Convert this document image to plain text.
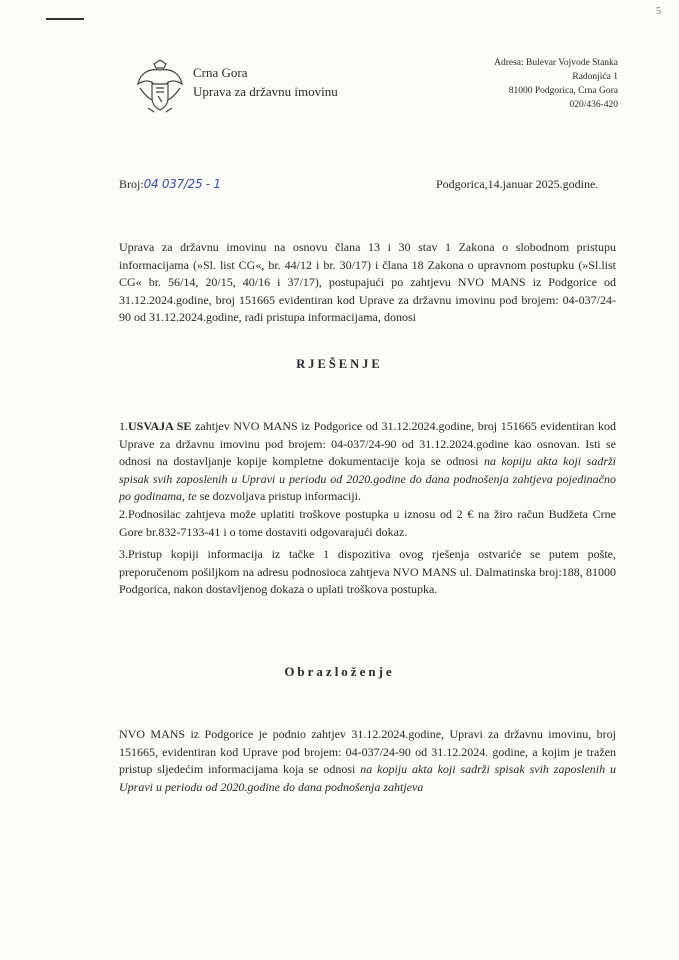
5
Crna Gora
Uprava za državnu imovinu
Adresa: Bulevar Vojvode Stanka
Radonjića 1
81000 Podgorica, Crna Gora
020/436-420
Broj:04 037/25 - 1	Podgorica,14.januar 2025.godine.

Uprava za državnu imovinu na osnovu člana 13 i 30 stav 1 Zakona o slobodnom pristupu informacijama (»Sl. list CG«, br. 44/12 i br. 30/17) i člana 18 Zakona o upravnom postupku (»Sl.list CG« br. 56/14, 20/15, 40/16 i 37/17), postupajući po zahtjevu NVO MANS iz Podgorice od 31.12.2024.godine, broj 151665 evidentiran kod Uprave za državnu imovinu pod brojem: 04-037/24-90 od 31.12.2024.godine, radi pristupa informacijama, donosi

RJEŠENJE

1.USVAJA SE zahtjev NVO MANS iz Podgorice od 31.12.2024.godine, broj 151665 evidentiran kod Uprave za državnu imovinu pod brojem: 04-037/24-90 od 31.12.2024.godine kao osnovan. Isti se odnosi na dostavljanje kopije kompletne dokumentacije koja se odnosi na kopiju akta koji sadrži spisak svih zaposlenih u Upravi u periodu od 2020.godine do dana podnošenja zahtjeva pojedinačno po godinama, te se dozvoljava pristup informaciji.

2.Podnosilac zahtjeva može uplatiti troškove postupka u iznosu od 2 € na žiro račun Budžeta Crne Gore br.832-7133-41 i o tome dostaviti odgovarajući dokaz.

3.Pristup kopiji informacija iz tačke 1 dispozitiva ovog rješenja ostvariće se putem pošte, preporučenom pošiljkom na adresu podnosioca zahtjeva NVO MANS ul. Dalmatinska broj:188, 81000 Podgorica, nakon dostavljenog dokaza o uplati troškova postupka.

Obrazloženje

NVO MANS iz Podgorice je podnio zahtjev 31.12.2024.godine, Upravi za državnu imovinu, broj 151665, evidentiran kod Uprave pod brojem: 04-037/24-90 od 31.12.2024. godine, a kojim je tražen pristup sljedećim informacijama koja se odnosi na kopiju akta koji sadrži spisak svih zaposlenih u Upravi u periodu od 2020.godine do dana podnošenja zahtjeva
